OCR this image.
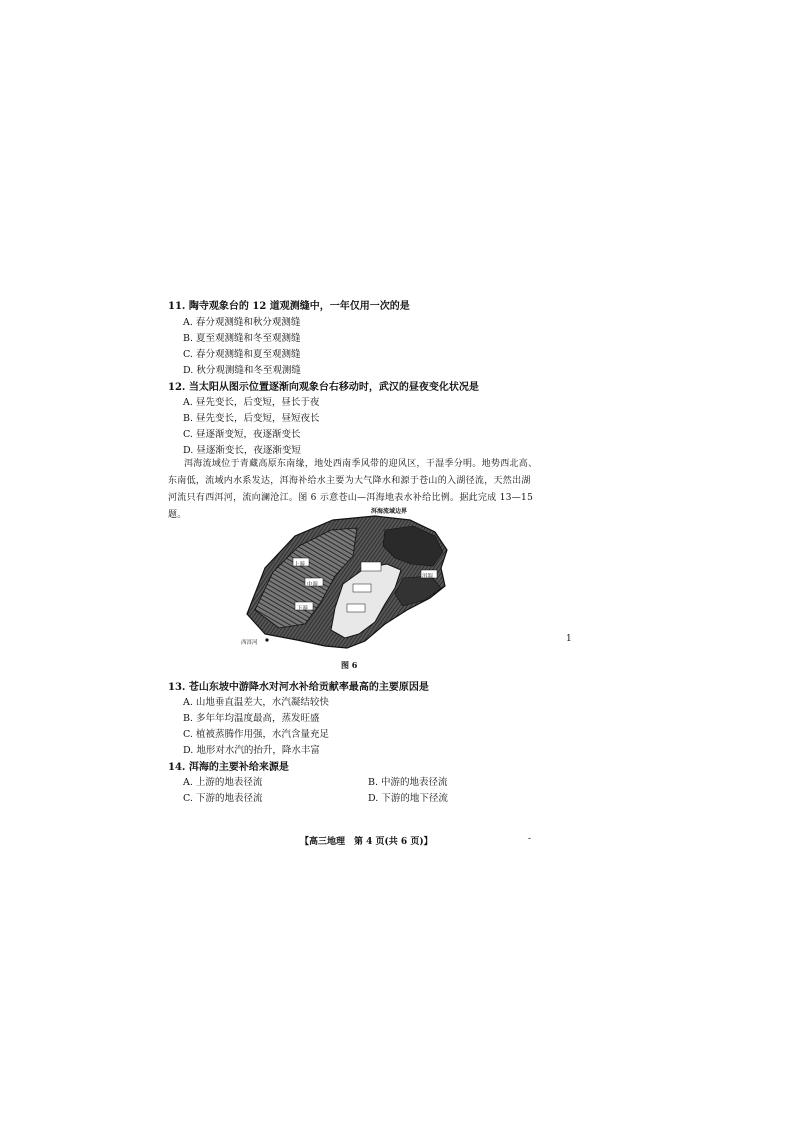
11. 陶寺观象台的 12 道观测缝中，一年仅用一次的是
A. 春分观测缝和秋分观测缝
B. 夏至观测缝和冬至观测缝
C. 春分观测缝和夏至观测缝
D. 秋分观测缝和冬至观测缝
12. 当太阳从图示位置逐渐向观象台右移动时，武汉的昼夜变化状况是
A. 昼先变长，后变短，昼长于夜
B. 昼先变长，后变短，昼短夜长
C. 昼逐渐变短，夜逐渐变长
D. 昼逐渐变长，夜逐渐变短

洱海流域位于青藏高原东南缘，地处西南季风带的迎风区，干湿季分明。地势西北高、东南低，流域内水系发达，洱海补给水主要为大气降水和源于苍山的入湖径流，天然出湖河流只有西洱河，流向澜沧江。图 6 示意苍山—洱海地表水补给比例。据此完成 13—15 题。	洱海流域边界
上游
中游
下游
洱海
西洱河
图 6
13. 苍山东坡中游降水对河水补给贡献率最高的主要原因是
A. 山地垂直温差大，水汽凝结较快
B. 多年年均温度最高，蒸发旺盛
C. 植被蒸腾作用强，水汽含量充足
D. 地形对水汽的抬升，降水丰富
14. 洱海的主要补给来源是
A. 上游的地表径流	B. 中游的地表径流
C. 下游的地表径流	D. 下游的地下径流
【高三地理　第 4 页(共 6 页)】
1
-
